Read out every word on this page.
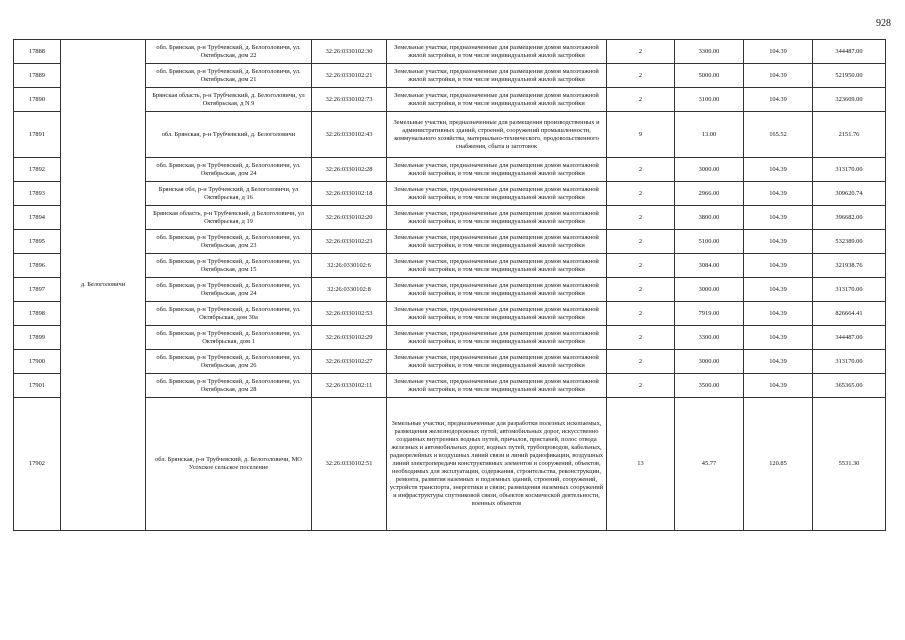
928
17888	д. Белоголовичи	обл. Брянская, р-н Трубчевский, д. Белоголовичи, ул. Октябрьская, дом 22	32:26:0330102:30	Земельные участки, предназначенные для размещения домов малоэтажной жилой застройки, в том числе индивидуальной жилой застройки	2	3300.00	104.39	344487.00
17889		обл. Брянская, р-н Трубчевский, д. Белоголовичи, ул. Октябрьская, дом 21	32:26:0330102:21	Земельные участки, предназначенные для размещения домов малоэтажной жилой застройки, в том числе индивидуальной жилой застройки	2	5000.00	104.39	521950.00
17890		Брянская область, р-н Трубчевский, д. Белоголовичи, ул Октябрьская, д N 9	32:26:0330102:73	Земельные участки, предназначенные для размещения домов малоэтажной жилой застройки, в том числе индивидуальной жилой застройки	2	3100.00	104.39	323609.00
17891		обл. Брянская, р-н Трубчевский, д. Белоголовичи	32:26:0330102:43	Земельные участки, предназначенные для размещения производственных и административных зданий, строений, сооружений промышленности, коммунального хозяйства, материально-технического, продовольственного снабжения, сбыта и заготовок	9	13.00	165.52	2151.76
17892		обл. Брянская, р-н Трубчевский, д. Белоголовичи, ул. Октябрьская, дом 24	32:26:0330102:28	Земельные участки, предназначенные для размещения домов малоэтажной жилой застройки, в том числе индивидуальной жилой застройки	2	3000.00	104.39	313170.00
17893		Брянская обл, р-н Трубчевский, д Белоголовичи, ул Октябрьская, д 16	32:26:0330102:18	Земельные участки, предназначенные для размещения домов малоэтажной жилой застройки, в том числе индивидуальной жилой застройки	2	2966.00	104.39	309620.74
17894		Брянская область, р-н Трубчевский, д Белоголовичи, ул Октябрьская, д 19	32:26:0330102:20	Земельные участки, предназначенные для размещения домов малоэтажной жилой застройки, в том числе индивидуальной жилой застройки	2	3800.00	104.39	396682.00
17895		обл. Брянская, р-н Трубчевский, д. Белоголовичи, ул. Октябрьская, дом 23	32:26:0330102:23	Земельные участки, предназначенные для размещения домов малоэтажной жилой застройки, в том числе индивидуальной жилой застройки	2	5100.00	104.39	532389.00
17896		обл. Брянская, р-н Трубчевский, д. Белоголовичи, ул. Октябрьская, дом 15	32:26:0330102:6	Земельные участки, предназначенные для размещения домов малоэтажной жилой застройки, в том числе индивидуальной жилой застройки	2	3084.00	104.39	321938.76
17897		обл. Брянская, р-н Трубчевский, д. Белоголовичи, ул. Октябрьская, дом 24	32:26:0330102:8	Земельные участки, предназначенные для размещения домов малоэтажной жилой застройки, в том числе индивидуальной жилой застройки	2	3000.00	104.39	313170.00
17898		обл. Брянская, р-н Трубчевский, д. Белоголовичи, ул. Октябрьская, дом 30а	32:26:0330102:53	Земельные участки, предназначенные для размещения домов малоэтажной жилой застройки, в том числе индивидуальной жилой застройки	2	7919.00	104.39	826664.41
17899		обл. Брянская, р-н Трубчевский, д. Белоголовичи, ул. Октябрьская, дом 1	32:26:0330102:29	Земельные участки, предназначенные для размещения домов малоэтажной жилой застройки, в том числе индивидуальной жилой застройки	2	3300.00	104.39	344487.00
17900		обл. Брянская, р-н Трубчевский, д. Белоголовичи, ул. Октябрьская, дом 26	32:26:0330102:27	Земельные участки, предназначенные для размещения домов малоэтажной жилой застройки, в том числе индивидуальной жилой застройки	2	3000.00	104.39	313170.00
17901		обл. Брянская, р-н Трубчевский, д. Белоголовичи, ул. Октябрьская, дом 28	32:26:0330102:11	Земельные участки, предназначенные для размещения домов малоэтажной жилой застройки, в том числе индивидуальной жилой застройки	2	3500.00	104.39	365365.00
17902		обл. Брянская, р-н Трубчевский, д. Белоголовичи, МО Усохское сельское поселение	32:26:0330102:51	Земельные участки, предназначенные для разработки полезных ископаемых, размещения железнодорожных путей, автомобильных дорог, искусственно созданных внутренних водных путей, причалов, пристаней, полос отвода железных и автомобильных дорог, водных путей, трубопроводов, кабельных, радиорелейных и воздушных линий связи и линий радиофикации, воздушных линий электропередачи конструктивных элементов и сооружений, объектов, необходимых для эксплуатации, содержания, строительства, реконструкции, ремонта, развития наземных и подземных зданий, строений, сооружений, устройств транспорта, энергетики и связи; размещения наземных сооружений и инфраструктуры спутниковой связи, объектов космической деятельности, военных объектов	13	45.77	120.85	5531.30
